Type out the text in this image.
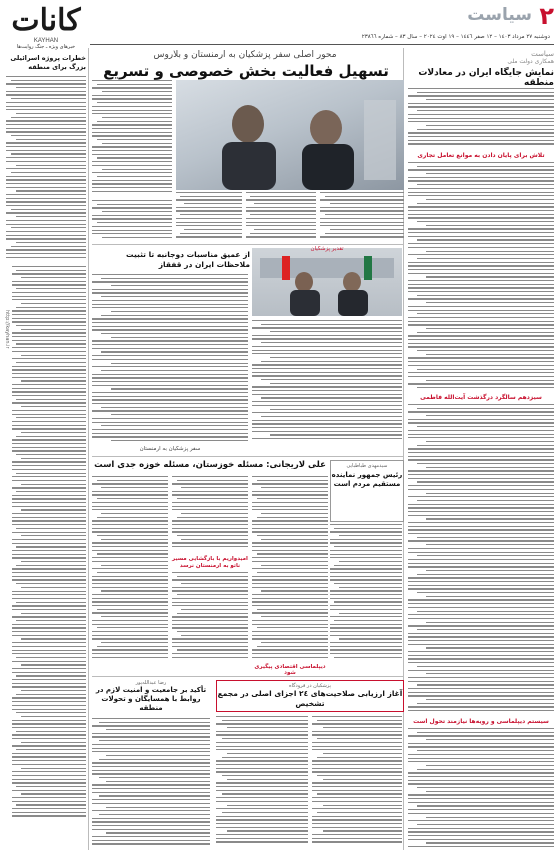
کانات
KAYHAN
خبرهای ویژه ـ جنگ روایت‌ها
سیاست ٢
دوشنبه ٢٧ مرداد ١٤٠٣ – ١٢ صفر ١٤٤٦ – ١٩ اوت ٢٠٢٤ – سال ٨٣ – شماره ٢٣٨٦٦
محور اصلی سفر پزشکیان به ارمنستان و بلاروس
تسهیل فعالیت بخش خصوصی و تسریع
سیاست
همکاری دولت ملی
نمایش جایگاه ایران در معادلات منطقه
تلاش برای پایان دادن به موانع تعامل تجاری
سیزدهم سالگرد درگذشت آیت‌الله فاطمی
سیستم دیپلماسی و رویه‌ها نیازمند تحول است
تقدیر پزشکیان
از عمیق مناسبات دوجانبه تا تثبیت ملاحظات ایران در قفقاز
سفر پزشکیان به ارمنستان
خطرات پروژه اسرائیلی بزرگ برای منطقه
http://kayhan.ir
سیدمهدی طباطبایی
رئیس جمهور نماینده مستقیم مردم است
علی لاریجانی: مسئله خوزستان، مسئله خوزه جدی است
امیدواریم با بازگشایی مسیر ناتو به ارمنستان نرسد
دیپلماسی اقتصادی پیگیری شود
رضا عبدالله‌پور
تأکید بر جامعیت و امنیت لازم در روابط با همسایگان و تحولات منطقه
پزشکیان در فرودگاه
آغاز ارزیابی صلاحیت‌های ٢٤ اجزای اصلی در مجمع تشخیص
